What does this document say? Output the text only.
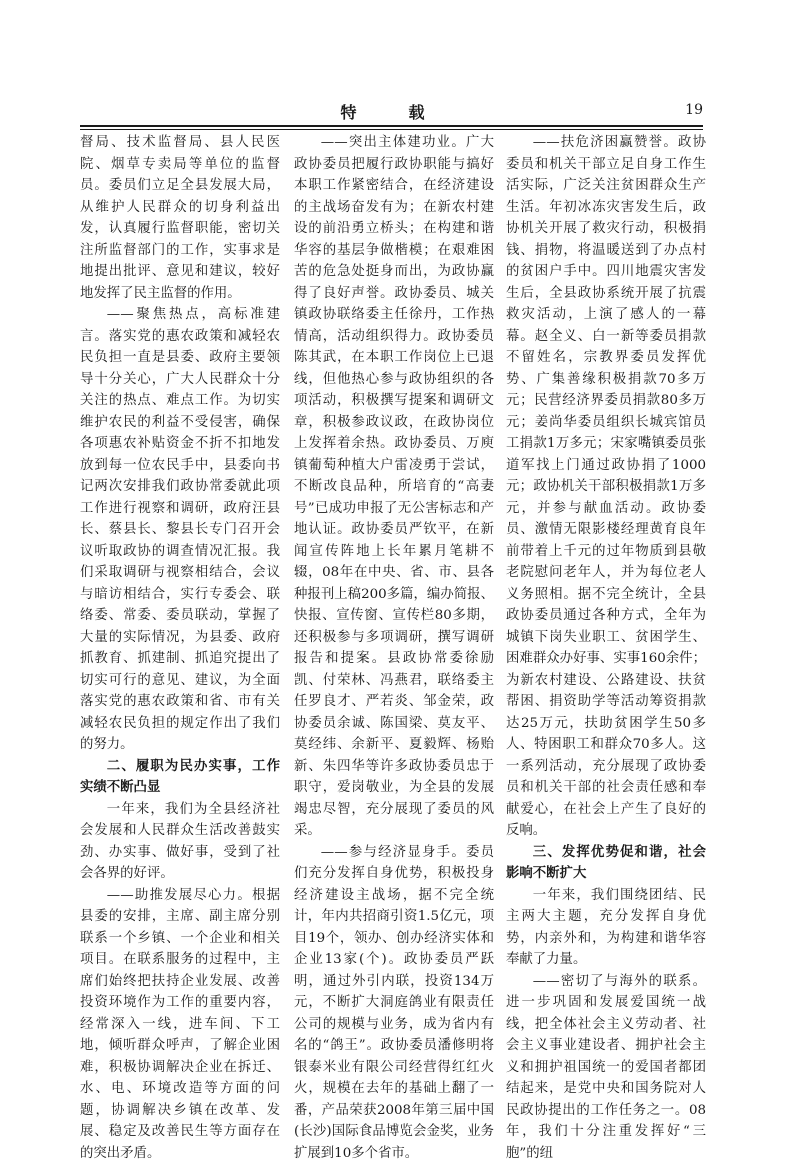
特　载	19

督局、技术监督局、县人民医院、烟草专卖局等单位的监督员。委员们立足全县发展大局，从维护人民群众的切身利益出发，认真履行监督职能，密切关注所监督部门的工作，实事求是地提出批评、意见和建议，较好地发挥了民主监督的作用。

——聚焦热点，高标准建言。落实党的惠农政策和减轻农民负担一直是县委、政府主要领导十分关心，广大人民群众十分关注的热点、难点工作。为切实维护农民的利益不受侵害，确保各项惠农补贴资金不折不扣地发放到每一位农民手中，县委向书记两次安排我们政协常委就此项工作进行视察和调研，政府汪县长、蔡县长、黎县长专门召开会议听取政协的调查情况汇报。我们采取调研与视察相结合，会议与暗访相结合，实行专委会、联络委、常委、委员联动，掌握了大量的实际情况，为县委、政府抓教育、抓建制、抓追究提出了切实可行的意见、建议，为全面落实党的惠农政策和省、市有关减轻农民负担的规定作出了我们的努力。

二、履职为民办实事，工作实绩不断凸显

一年来，我们为全县经济社会发展和人民群众生活改善鼓实劲、办实事、做好事，受到了社会各界的好评。

——助推发展尽心力。根据县委的安排，主席、副主席分别联系一个乡镇、一个企业和相关项目。在联系服务的过程中，主席们始终把扶持企业发展、改善投资环境作为工作的重要内容，经常深入一线，进车间、下工地，倾听群众呼声，了解企业困难，积极协调解决企业在拆迁、水、电、环境改造等方面的问题，协调解决乡镇在改革、发展、稳定及改善民生等方面存在的突出矛盾。

——突出主体建功业。广大政协委员把履行政协职能与搞好本职工作紧密结合，在经济建设的主战场奋发有为；在新农村建设的前沿勇立桥头；在构建和谐华容的基层争做楷模；在艰难困苦的危急处挺身而出，为政协赢得了良好声誉。政协委员、城关镇政协联络委主任徐丹，工作热情高，活动组织得力。政协委员陈其武，在本职工作岗位上已退线，但他热心参与政协组织的各项活动，积极撰写提案和调研文章，积极参政议政，在政协岗位上发挥着余热。政协委员、万庾镇葡萄种植大户雷凌勇于尝试，不断改良品种，所培育的“高妻号”已成功申报了无公害标志和产地认证。政协委员严钦平，在新闻宣传阵地上长年累月笔耕不辍，08年在中央、省、市、县各种报刊上稿200多篇，编办简报、快报、宣传窗、宣传栏80多期，还积极参与多项调研，撰写调研报告和提案。县政协常委徐励凯、付荣林、冯燕君，联络委主任罗良才、严若炎、邹金荣，政协委员余诚、陈国梁、莫友平、莫经纬、余新平、夏毅辉、杨贻新、朱四华等许多政协委员忠于职守，爱岗敬业，为全县的发展竭忠尽智，充分展现了委员的风采。

——参与经济显身手。委员们充分发挥自身优势，积极投身经济建设主战场，据不完全统计，年内共招商引资1.5亿元，项目19个，领办、创办经济实体和企业13家(个)。政协委员严跃明，通过外引内联，投资134万元，不断扩大洞庭鸽业有限责任公司的规模与业务，成为省内有名的“鸽王”。政协委员潘修明将银泰米业有限公司经营得红红火火，规模在去年的基础上翻了一番，产品荣获2008年第三届中国(长沙)国际食品博览会金奖，业务扩展到10多个省市。

——扶危济困赢赞誉。政协委员和机关干部立足自身工作生活实际，广泛关注贫困群众生产生活。年初冰冻灾害发生后，政协机关开展了救灾行动，积极捐钱、捐物，将温暖送到了办点村的贫困户手中。四川地震灾害发生后，全县政协系统开展了抗震救灾活动，上演了感人的一幕幕。赵全义、白一新等委员捐款不留姓名，宗教界委员发挥优势、广集善缘积极捐款70多万元；民营经济界委员捐款80多万元；姜尚华委员组织长城宾馆员工捐款1万多元；宋家嘴镇委员张道军找上门通过政协捐了1000元；政协机关干部积极捐款1万多元，并参与献血活动。政协委员、激情无限影楼经理黄育良年前带着上千元的过年物质到县敬老院慰问老年人，并为每位老人义务照相。据不完全统计，全县政协委员通过各种方式，全年为城镇下岗失业职工、贫困学生、困难群众办好事、实事160余件；为新农村建设、公路建设、扶贫帮困、捐资助学等活动筹资捐款达25万元，扶助贫困学生50多人、特困职工和群众70多人。这一系列活动，充分展现了政协委员和机关干部的社会责任感和奉献爱心，在社会上产生了良好的反响。

三、发挥优势促和谐，社会影响不断扩大

一年来，我们围绕团结、民主两大主题，充分发挥自身优势，内亲外和，为构建和谐华容奉献了力量。

——密切了与海外的联系。进一步巩固和发展爱国统一战线，把全体社会主义劳动者、社会主义事业建设者、拥护社会主义和拥护祖国统一的爱国者都团结起来，是党中央和国务院对人民政协提出的工作任务之一。08年，我们十分注重发挥好“三胞”的纽
